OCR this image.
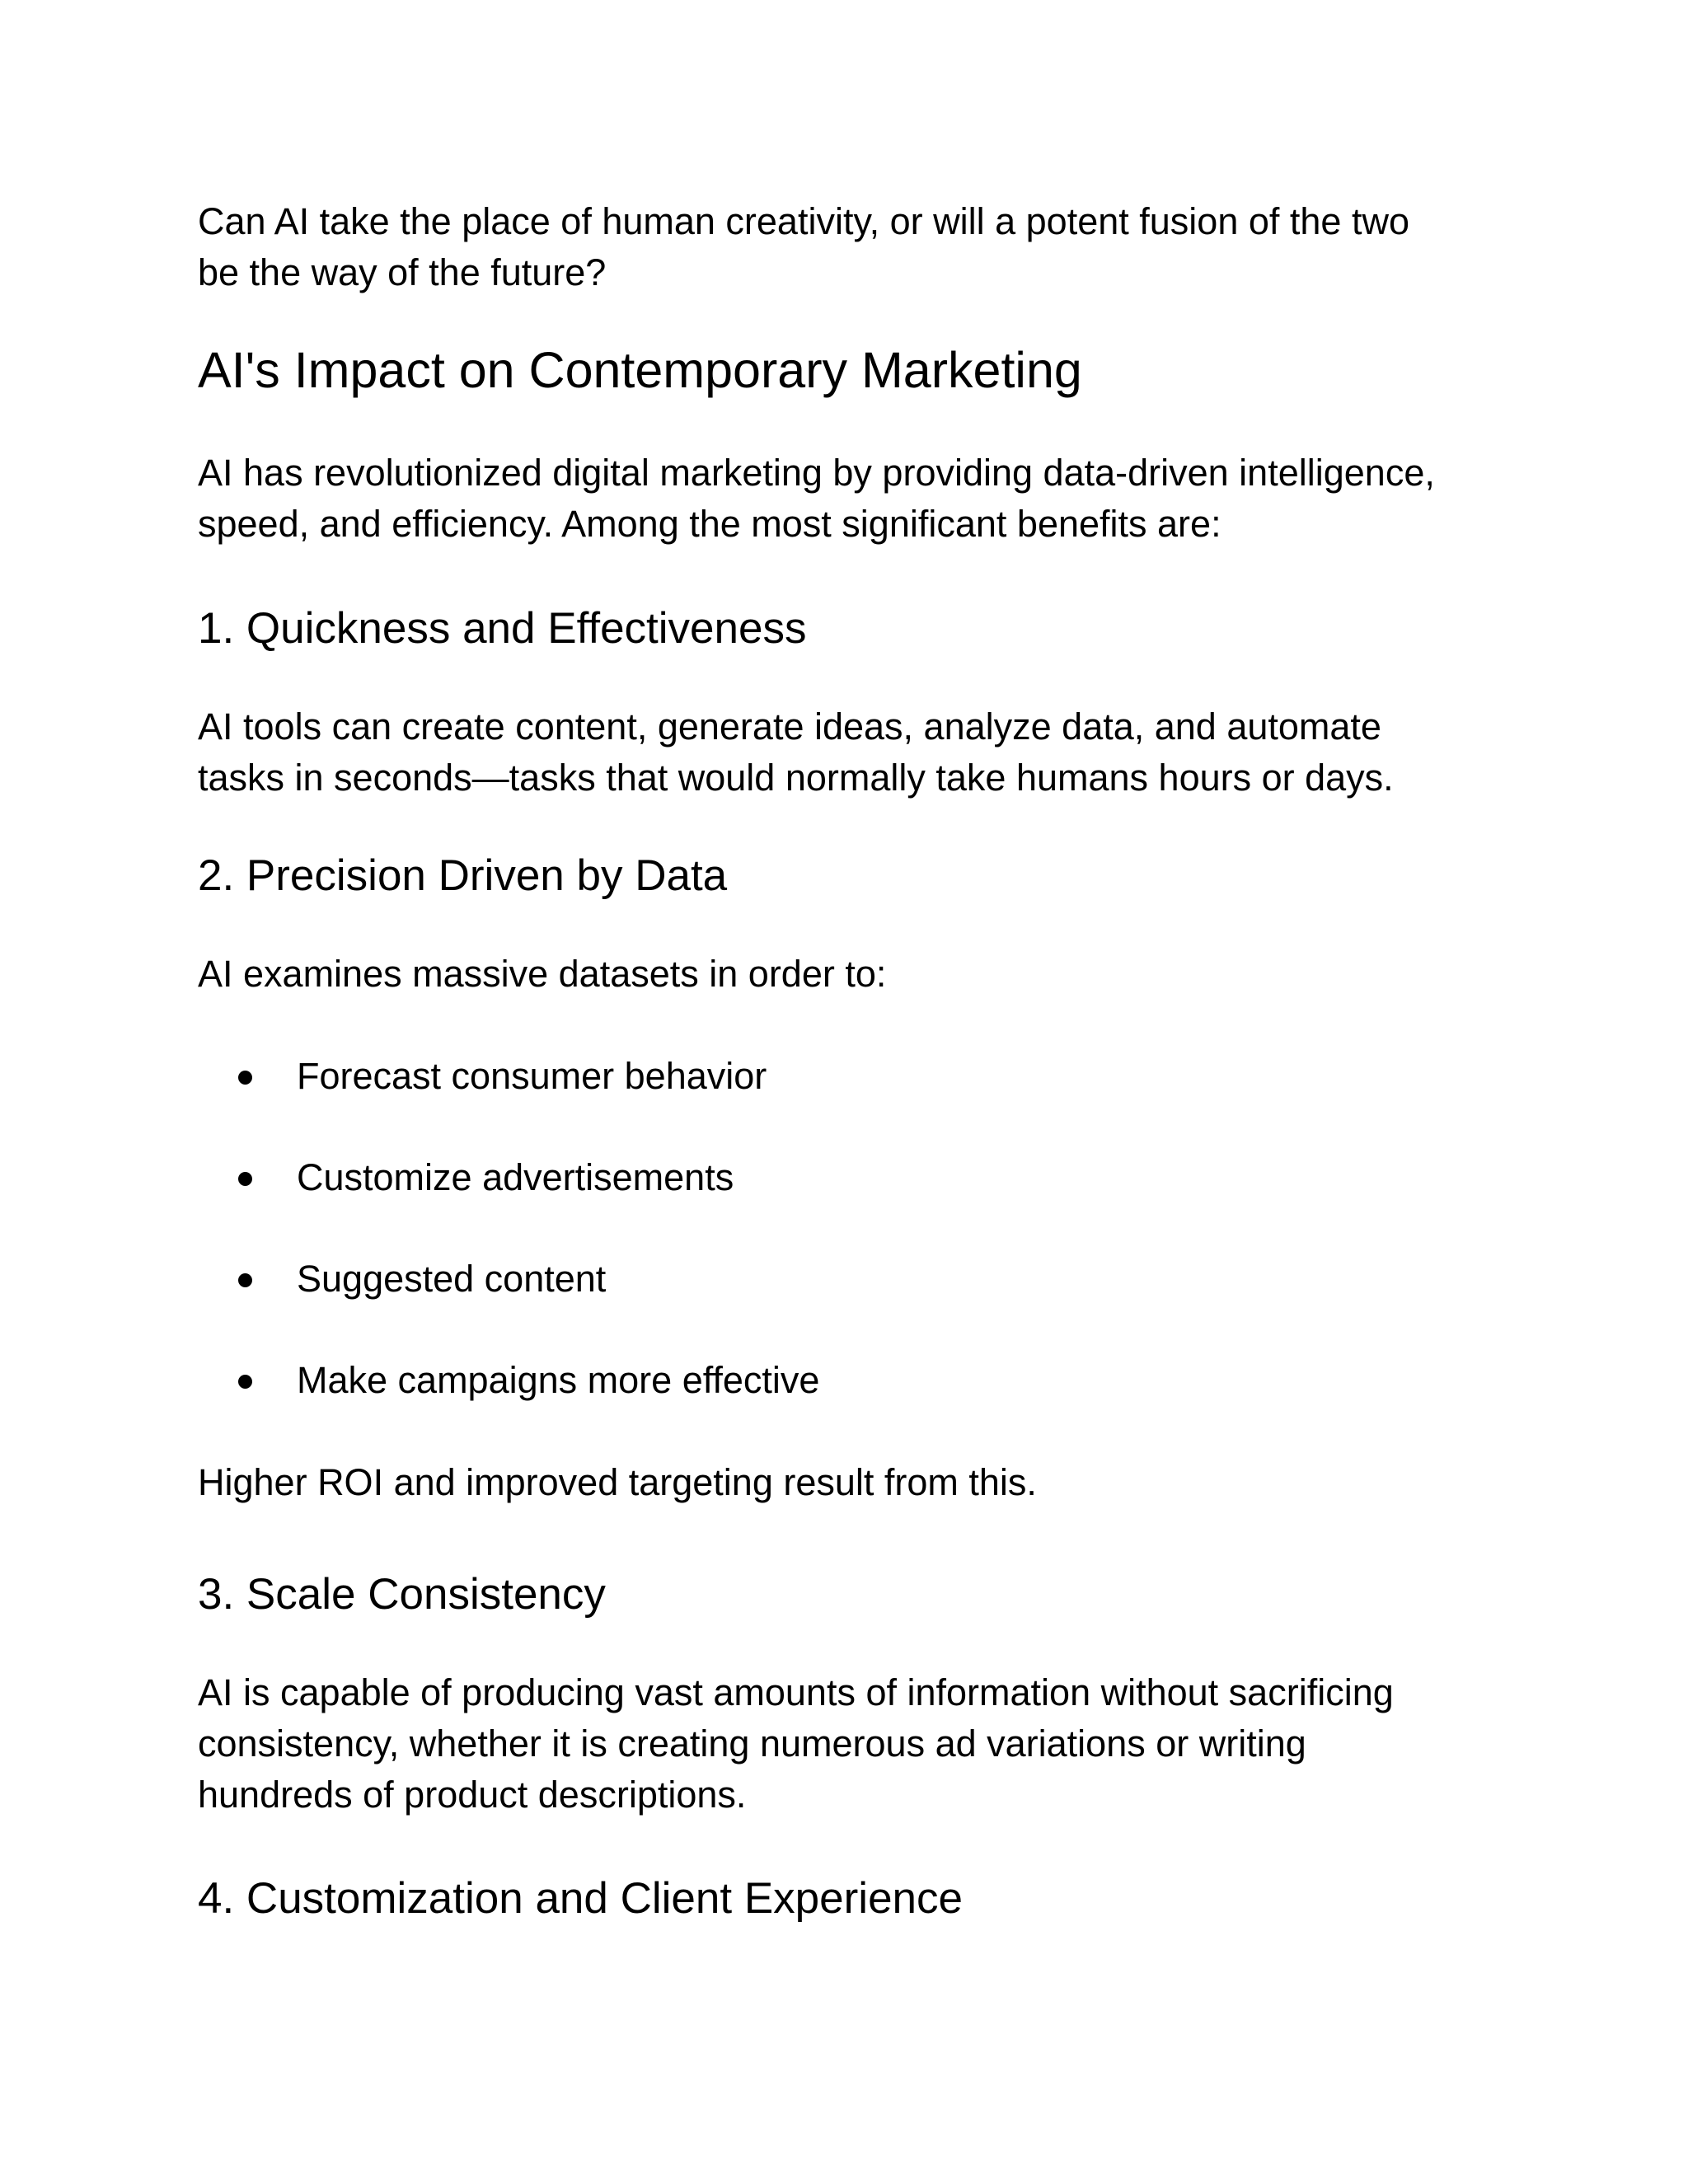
Can AI take the place of human creativity, or will a potent fusion of the two
be the way of the future?

AI's Impact on Contemporary Marketing

AI has revolutionized digital marketing by providing data-driven intelligence,
speed, and efficiency. Among the most significant benefits are:

1. Quickness and Effectiveness

AI tools can create content, generate ideas, analyze data, and automate
tasks in seconds—tasks that would normally take humans hours or days.

2. Precision Driven by Data

AI examines massive datasets in order to:

Forecast consumer behavior
Customize advertisements
Suggested content
Make campaigns more effective

Higher ROI and improved targeting result from this.

3. Scale Consistency

AI is capable of producing vast amounts of information without sacrificing
consistency, whether it is creating numerous ad variations or writing
hundreds of product descriptions.

4. Customization and Client Experience
